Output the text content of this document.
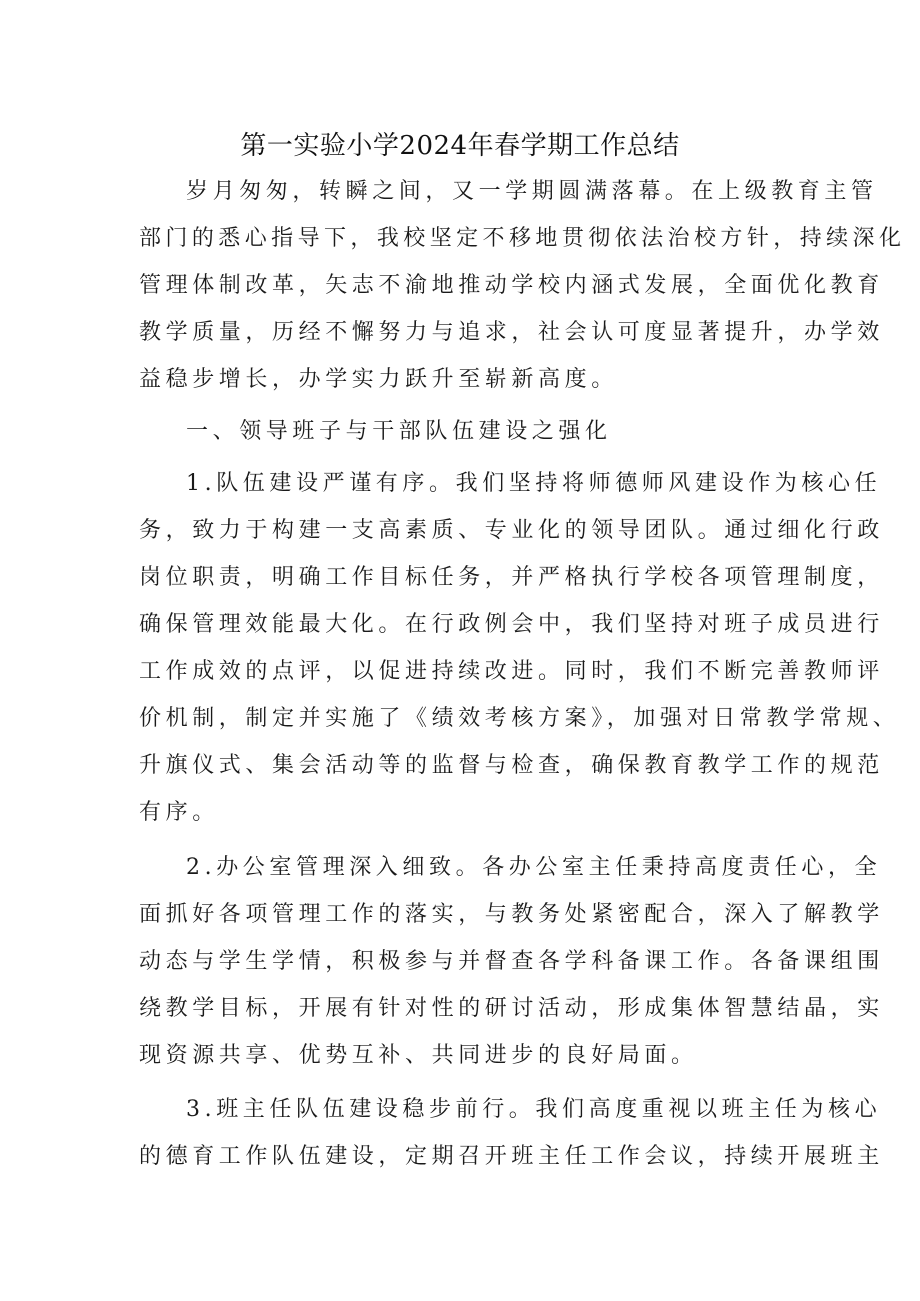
第一实验小学2024年春学期工作总结
岁月匆匆，转瞬之间，又一学期圆满落幕。在上级教育主管
部门的悉心指导下，我校坚定不移地贯彻依法治校方针，持续深化
管理体制改革，矢志不渝地推动学校内涵式发展，全面优化教育
教学质量，历经不懈努力与追求，社会认可度显著提升，办学效
益稳步增长，办学实力跃升至崭新高度。
一、领导班子与干部队伍建设之强化
1.队伍建设严谨有序。我们坚持将师德师风建设作为核心任
务，致力于构建一支高素质、专业化的领导团队。通过细化行政
岗位职责，明确工作目标任务，并严格执行学校各项管理制度，
确保管理效能最大化。在行政例会中，我们坚持对班子成员进行
工作成效的点评，以促进持续改进。同时，我们不断完善教师评
价机制，制定并实施了《绩效考核方案》，加强对日常教学常规、
升旗仪式、集会活动等的监督与检查，确保教育教学工作的规范
有序。
2.办公室管理深入细致。各办公室主任秉持高度责任心，全
面抓好各项管理工作的落实，与教务处紧密配合，深入了解教学
动态与学生学情，积极参与并督查各学科备课工作。各备课组围
绕教学目标，开展有针对性的研讨活动，形成集体智慧结晶，实
现资源共享、优势互补、共同进步的良好局面。
3.班主任队伍建设稳步前行。我们高度重视以班主任为核心
的德育工作队伍建设，定期召开班主任工作会议，持续开展班主
